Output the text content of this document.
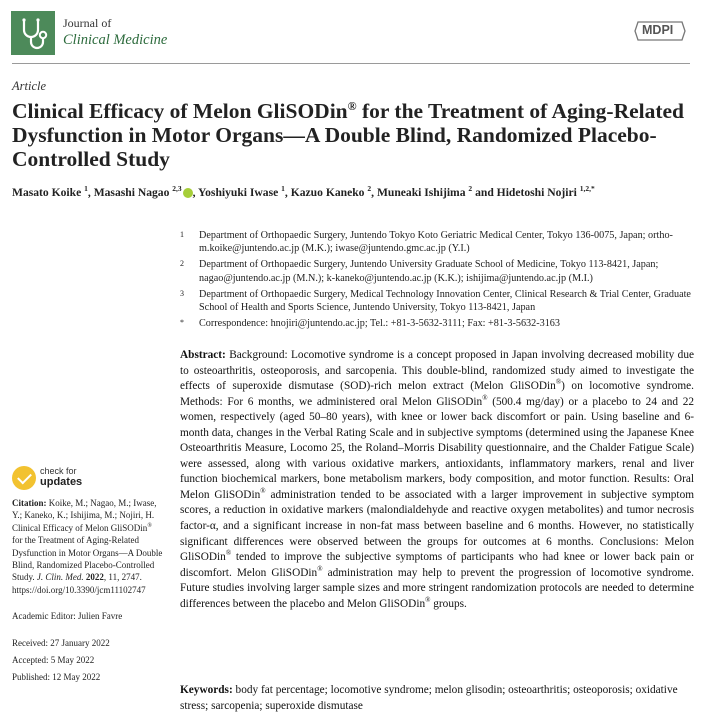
Journal of
Clinical Medicine
MDPI
Article
Clinical Efficacy of Melon GliSODin® for the Treatment of Aging-Related Dysfunction in Motor Organs—A Double Blind, Randomized Placebo-Controlled Study
Masato Koike $^1$, Masashi Nagao $^{2,3}$ , Yoshiyuki Iwase $^1$, Kazuo Kaneko $^2$, Muneaki Ishijima $^2$ and Hidetoshi Nojiri $^{1,2,*}$
1	Department of Orthopaedic Surgery, Juntendo Tokyo Koto Geriatric Medical Center, Tokyo 136-0075, Japan; ortho-m.koike@juntendo.ac.jp (M.K.); iwase@juntendo.gmc.ac.jp (Y.I.)
2	Department of Orthopaedic Surgery, Juntendo University Graduate School of Medicine, Tokyo 113-8421, Japan; nagao@juntendo.ac.jp (M.N.); k-kaneko@juntendo.ac.jp (K.K.); ishijima@juntendo.ac.jp (M.I.)
3	Department of Orthopaedic Surgery, Medical Technology Innovation Center, Clinical Research & Trial Center, Graduate School of Health and Sports Science, Juntendo University, Tokyo 113-8421, Japan
*	Correspondence: hnojiri@juntendo.ac.jp; Tel.: +81-3-5632-3111; Fax: +81-3-5632-3163
Abstract: Background: Locomotive syndrome is a concept proposed in Japan involving decreased mobility due to osteoarthritis, osteoporosis, and sarcopenia. This double-blind, randomized study aimed to investigate the effects of superoxide dismutase (SOD)-rich melon extract (Melon GliSODin®) on locomotive syndrome. Methods: For 6 months, we administered oral Melon GliSODin® (500.4 mg/day) or a placebo to 24 and 22 women, respectively (aged 50–80 years), with knee or lower back discomfort or pain. Using baseline and 6-month data, changes in the Verbal Rating Scale and in subjective symptoms (determined using the Japanese Knee Osteoarthritis Measure, Locomo 25, the Roland–Morris Disability questionnaire, and the Chalder Fatigue Scale) were assessed, along with various oxidative markers, antioxidants, inflammatory markers, renal and liver function biochemical markers, bone metabolism markers, body composition, and motor function. Results: Oral Melon GliSODin® administration tended to be associated with a larger improvement in subjective symptom scores, a reduction in oxidative markers (malondialdehyde and reactive oxygen metabolites) and tumor necrosis factor-α, and a significant increase in non-fat mass between baseline and 6 months. However, no statistically significant differences were observed between the groups for outcomes at 6 months. Conclusions: Melon GliSODin® tended to improve the subjective symptoms of participants who had knee or lower back pain or discomfort. Melon GliSODin® administration may help to prevent the progression of locomotive syndrome. Future studies involving larger sample sizes and more stringent randomization protocols are needed to determine differences between the placebo and Melon GliSODin® groups.
Keywords: body fat percentage; locomotive syndrome; melon glisodin; osteoarthritis; osteoporosis; oxidative stress; sarcopenia; superoxide dismutase
check for
updates
Citation: Koike, M.; Nagao, M.; Iwase, Y.; Kaneko, K.; Ishijima, M.; Nojiri, H. Clinical Efficacy of Melon GliSODin® for the Treatment of Aging-Related Dysfunction in Motor Organs—A Double Blind, Randomized Placebo-Controlled Study. J. Clin. Med. 2022, 11, 2747. https://doi.org/10.3390/jcm11102747
Academic Editor: Julien Favre
Received: 27 January 2022
Accepted: 5 May 2022
Published: 12 May 2022
